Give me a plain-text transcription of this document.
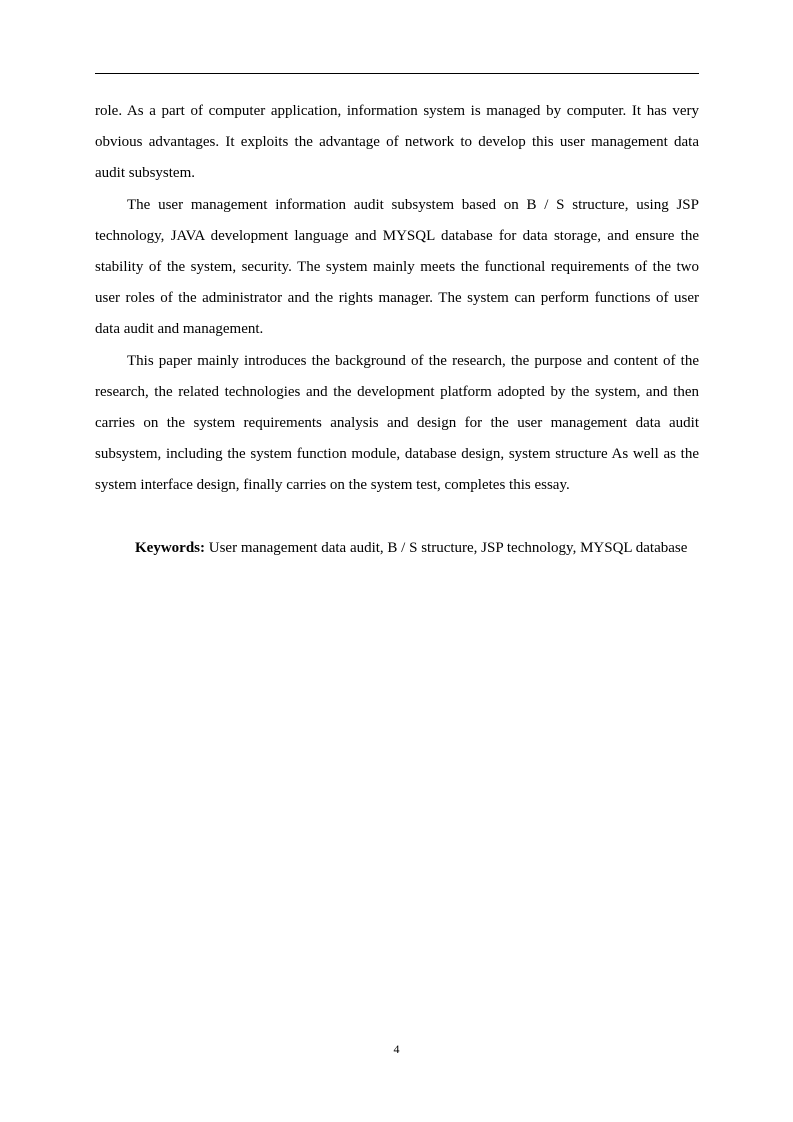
role. As a part of computer application, information system is managed by computer. It has very obvious advantages. It exploits the advantage of network to develop this user management data audit subsystem.

The user management information audit subsystem based on B / S structure, using JSP technology, JAVA development language and MYSQL database for data storage, and ensure the stability of the system, security. The system mainly meets the functional requirements of the two user roles of the administrator and the rights manager. The system can perform functions of user data audit and management.

This paper mainly introduces the background of the research, the purpose and content of the research, the related technologies and the development platform adopted by the system, and then carries on the system requirements analysis and design for the user management data audit subsystem, including the system function module, database design, system structure As well as the system interface design, finally carries on the system test, completes this essay.

Keywords: User management data audit, B / S structure, JSP technology, MYSQL database

4
